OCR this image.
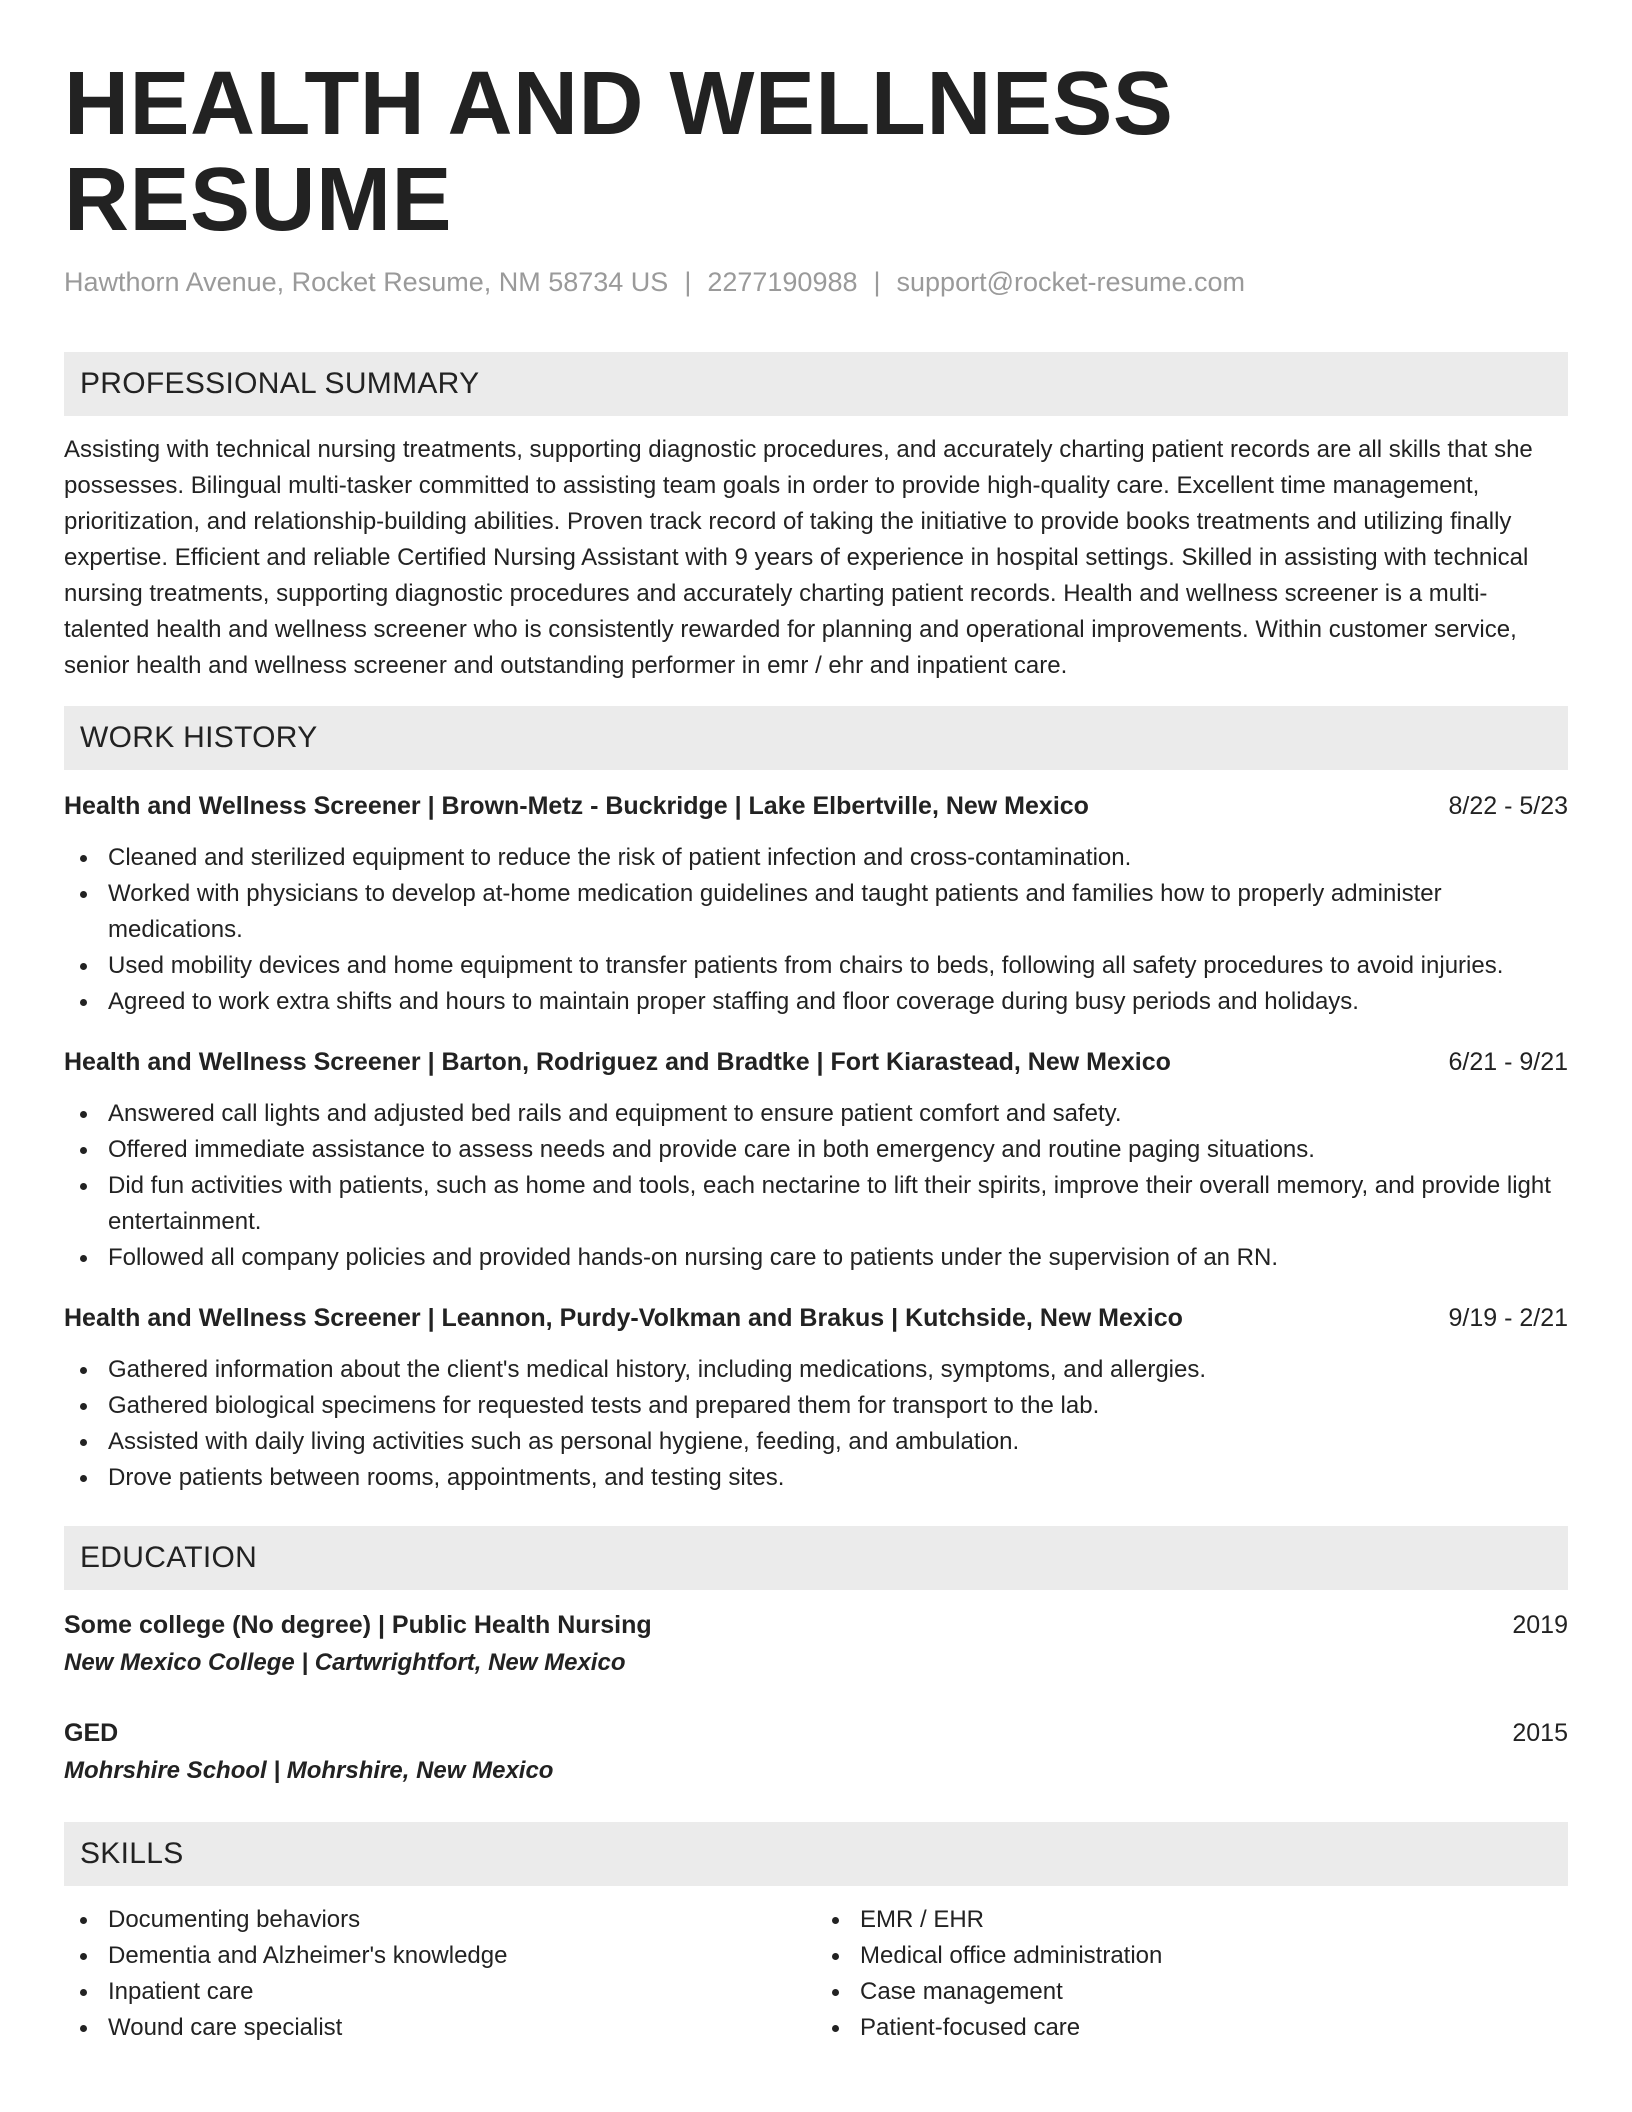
HEALTH AND WELLNESS RESUME
Hawthorn Avenue, Rocket Resume, NM 58734 US | 2277190988 | support@rocket-resume.com
PROFESSIONAL SUMMARY

Assisting with technical nursing treatments, supporting diagnostic procedures, and accurately charting patient records are all skills that she possesses. Bilingual multi-tasker committed to assisting team goals in order to provide high-quality care. Excellent time management, prioritization, and relationship-building abilities. Proven track record of taking the initiative to provide books treatments and utilizing finally expertise. Efficient and reliable Certified Nursing Assistant with 9 years of experience in hospital settings. Skilled in assisting with technical nursing treatments, supporting diagnostic procedures and accurately charting patient records. Health and wellness screener is a multi-talented health and wellness screener who is consistently rewarded for planning and operational improvements. Within customer service, senior health and wellness screener and outstanding performer in emr / ehr and inpatient care.

WORK HISTORY
Health and Wellness Screener | Brown-Metz - Buckridge | Lake Elbertville, New Mexico	8/22 - 5/23
Cleaned and sterilized equipment to reduce the risk of patient infection and cross-contamination.
Worked with physicians to develop at-home medication guidelines and taught patients and families how to properly administer medications.
Used mobility devices and home equipment to transfer patients from chairs to beds, following all safety procedures to avoid injuries.
Agreed to work extra shifts and hours to maintain proper staffing and floor coverage during busy periods and holidays.
Health and Wellness Screener | Barton, Rodriguez and Bradtke | Fort Kiarastead, New Mexico	6/21 - 9/21
Answered call lights and adjusted bed rails and equipment to ensure patient comfort and safety.
Offered immediate assistance to assess needs and provide care in both emergency and routine paging situations.
Did fun activities with patients, such as home and tools, each nectarine to lift their spirits, improve their overall memory, and provide light entertainment.
Followed all company policies and provided hands-on nursing care to patients under the supervision of an RN.
Health and Wellness Screener | Leannon, Purdy-Volkman and Brakus | Kutchside, New Mexico	9/19 - 2/21
Gathered information about the client's medical history, including medications, symptoms, and allergies.
Gathered biological specimens for requested tests and prepared them for transport to the lab.
Assisted with daily living activities such as personal hygiene, feeding, and ambulation.
Drove patients between rooms, appointments, and testing sites.
EDUCATION
Some college (No degree) | Public Health Nursing	2019
New Mexico College | Cartwrightfort, New Mexico
GED	2015
Mohrshire School | Mohrshire, New Mexico
SKILLS
Documenting behaviors
Dementia and Alzheimer's knowledge
Inpatient care
Wound care specialist
EMR / EHR
Medical office administration
Case management
Patient-focused care
